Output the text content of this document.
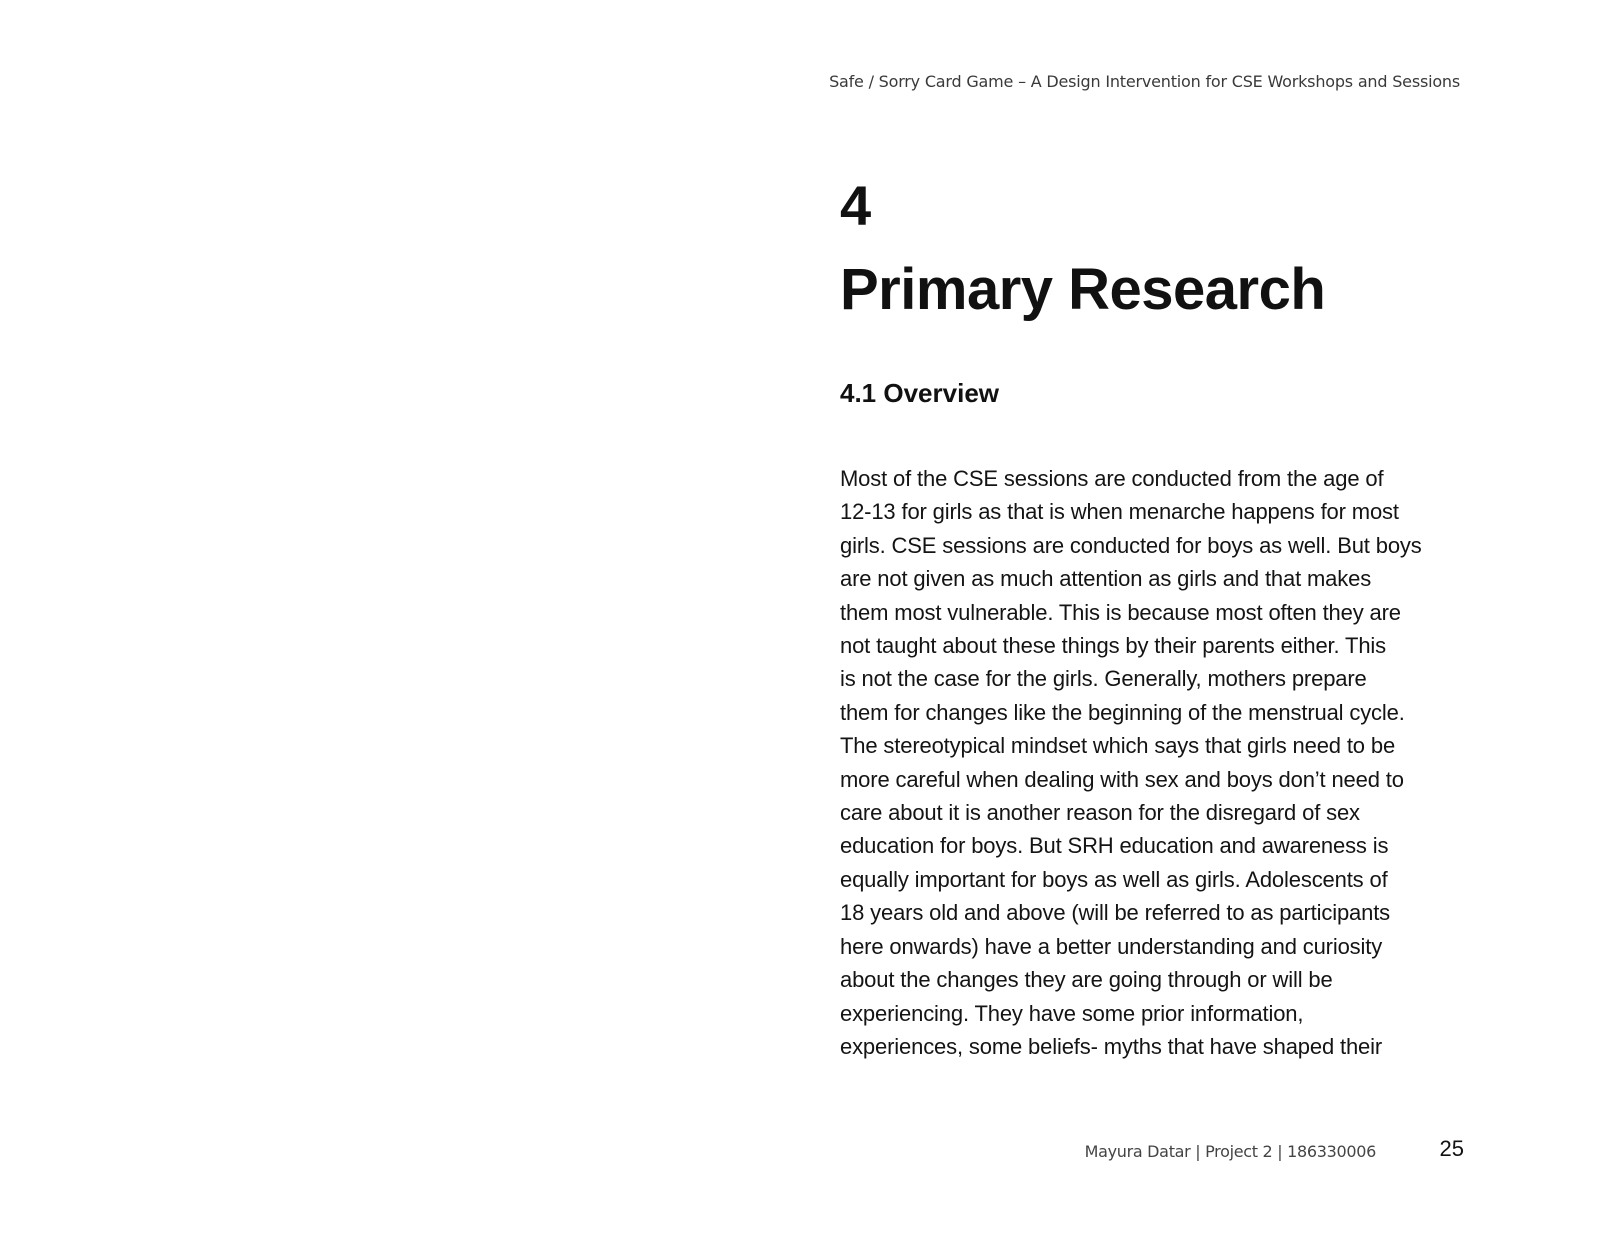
Safe / Sorry Card Game – A Design Intervention for CSE Workshops and Sessions
4
Primary Research
4.1 Overview
Most of the CSE sessions are conducted from the age of
12-13 for girls as that is when menarche happens for most
girls. CSE sessions are conducted for boys as well. But boys
are not given as much attention as girls and that makes
them most vulnerable. This is because most often they are
not taught about these things by their parents either. This
is not the case for the girls. Generally, mothers prepare
them for changes like the beginning of the menstrual cycle.
The stereotypical mindset which says that girls need to be
more careful when dealing with sex and boys don’t need to
care about it is another reason for the disregard of sex
education for boys. But SRH education and awareness is
equally important for boys as well as girls. Adolescents of
18 years old and above (will be referred to as participants
here onwards) have a better understanding and curiosity
about the changes they are going through or will be
experiencing. They have some prior information,
experiences, some beliefs- myths that have shaped their
Mayura Datar | Project 2 | 186330006	25
